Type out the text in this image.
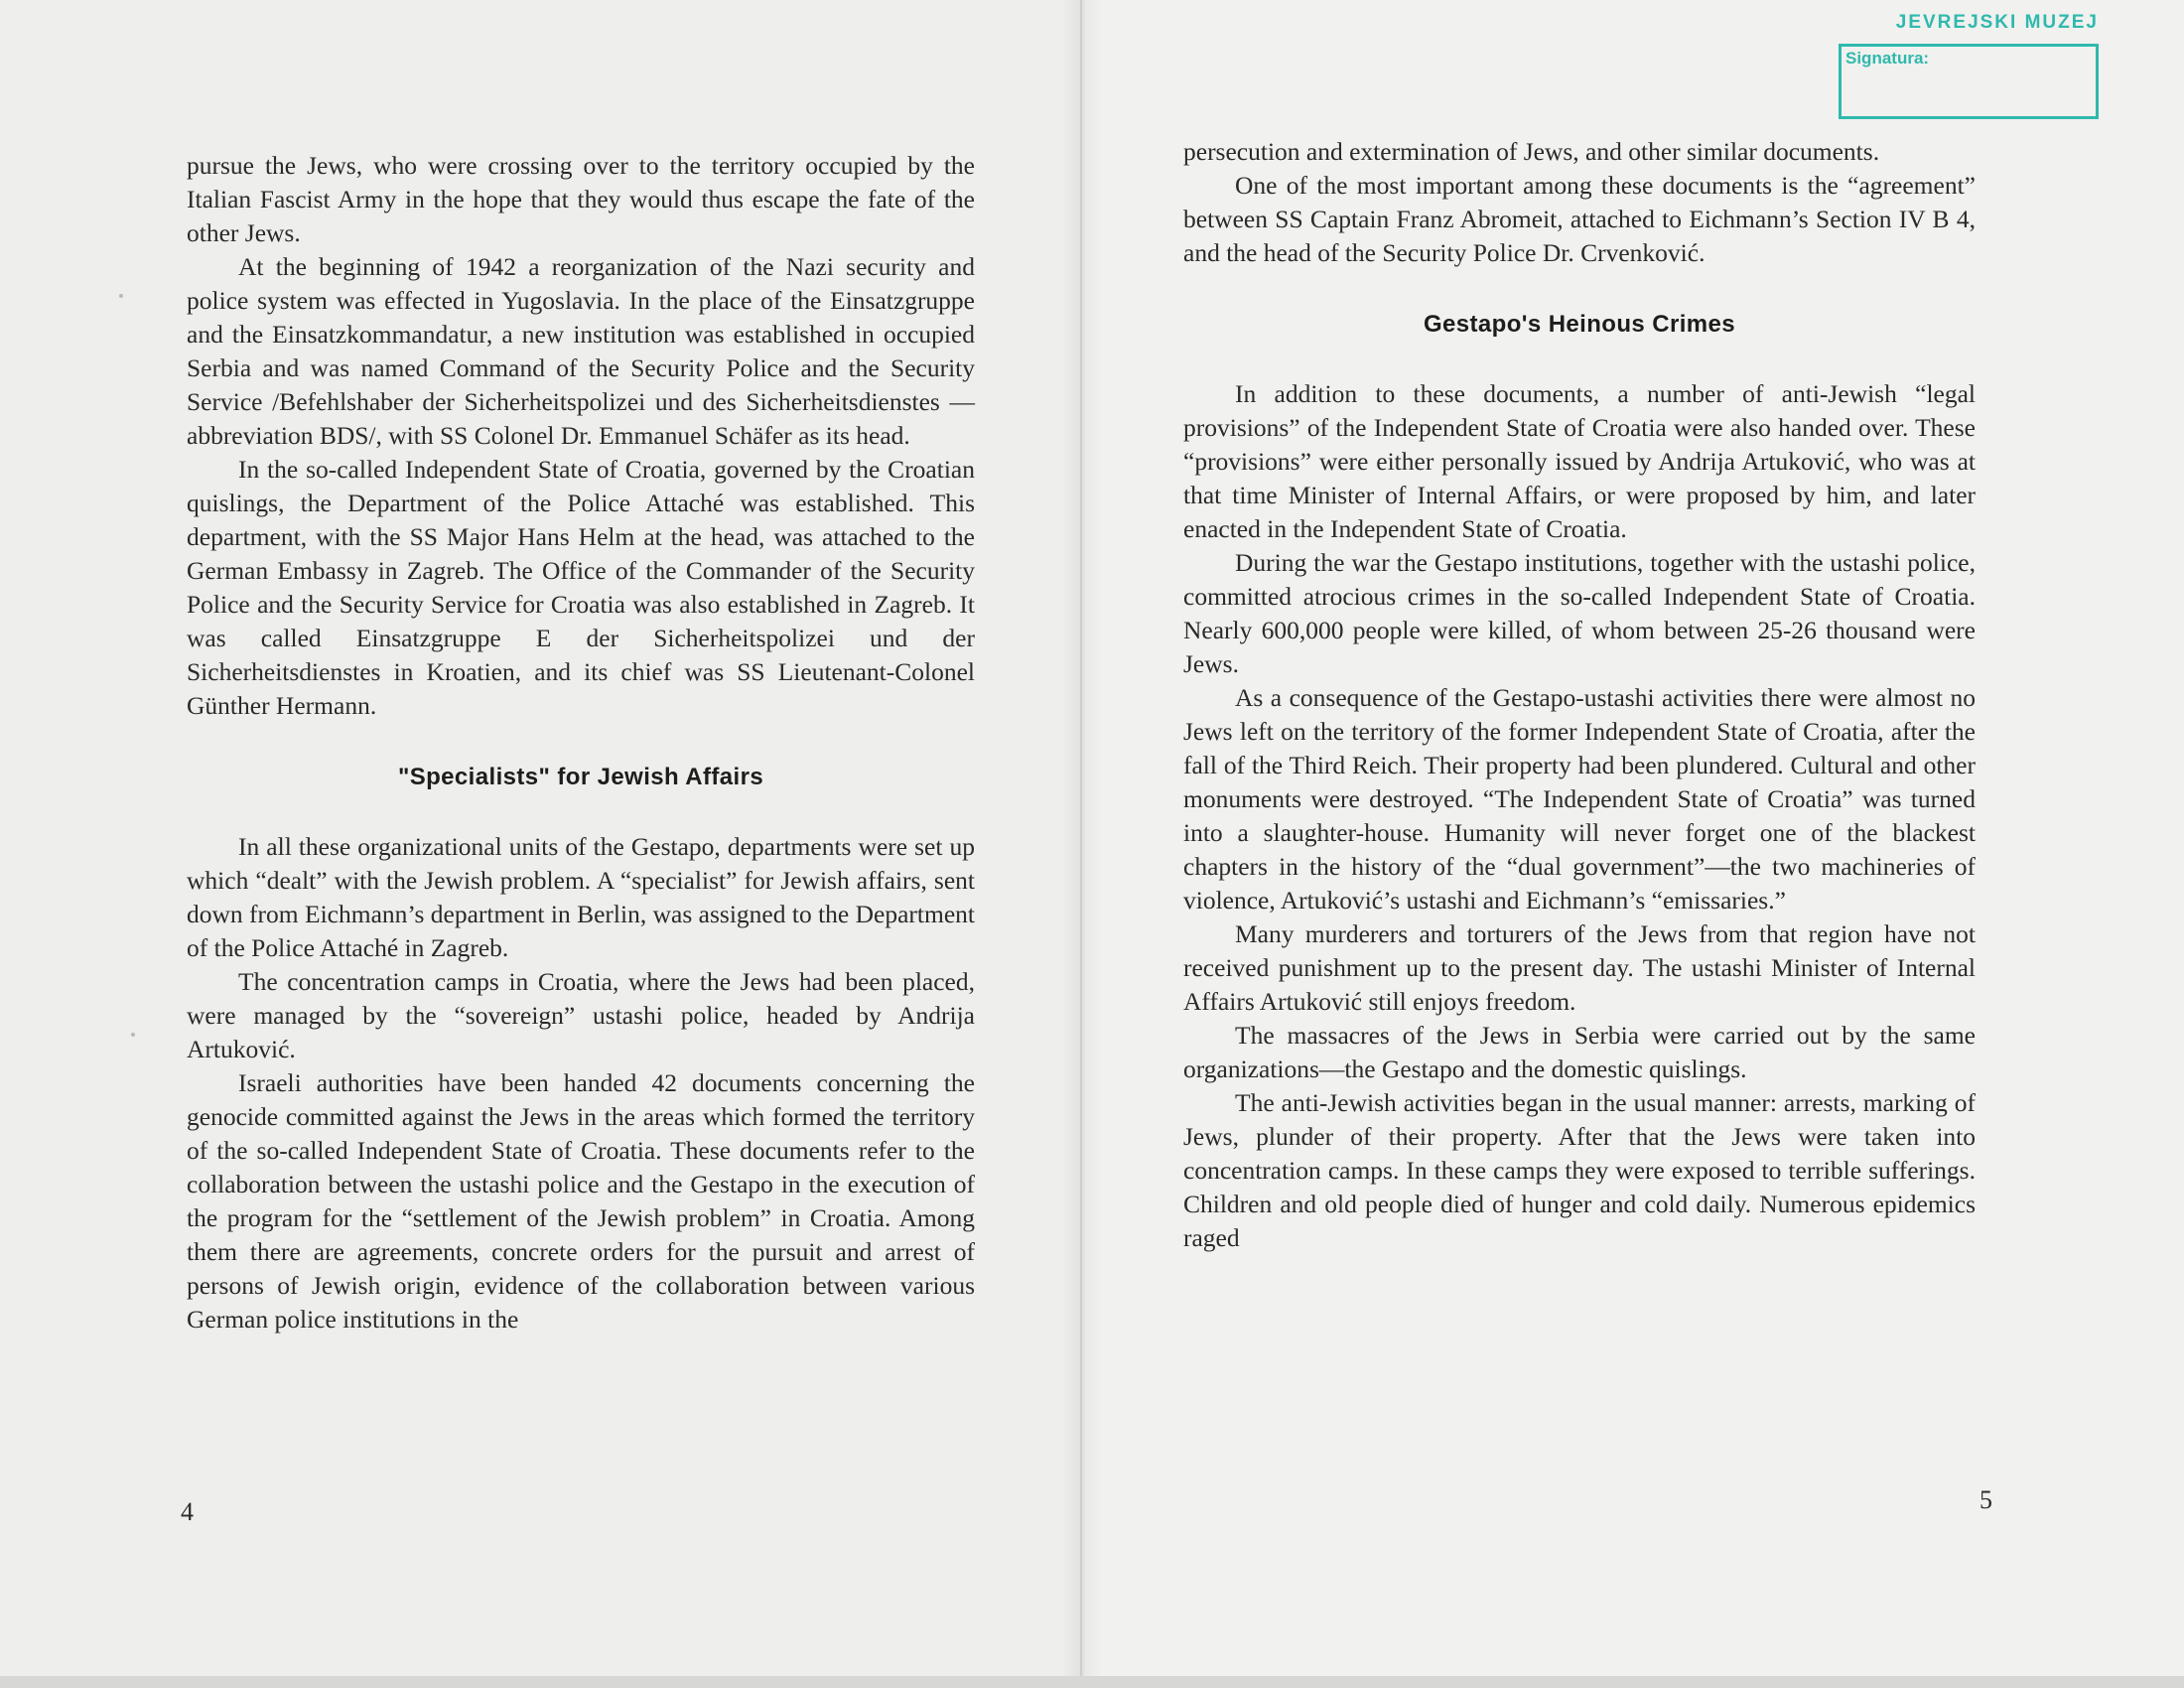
pursue the Jews, who were crossing over to the territory occupied by the Italian Fascist Army in the hope that they would thus escape the fate of the other Jews.

At the beginning of 1942 a reorganization of the Nazi security and police system was effected in Yugoslavia. In the place of the Einsatzgruppe and the Einsatzkommandatur, a new institution was established in occupied Serbia and was named Command of the Security Police and the Security Service /Befehlshaber der Sicherheitspolizei und des Sicherheitsdienstes — abbreviation BDS/, with SS Colonel Dr. Emmanuel Schäfer as its head.

In the so-called Independent State of Croatia, governed by the Croatian quislings, the Department of the Police Attaché was established. This department, with the SS Major Hans Helm at the head, was attached to the German Embassy in Zagreb. The Office of the Commander of the Security Police and the Security Service for Croatia was also established in Zagreb. It was called Einsatzgruppe E der Sicherheitspolizei und der Sicherheitsdienstes in Kroatien, and its chief was SS Lieutenant-Colonel Günther Hermann.

"Specialists" for Jewish Affairs

In all these organizational units of the Gestapo, departments were set up which “dealt” with the Jewish problem. A “specialist” for Jewish affairs, sent down from Eichmann’s department in Berlin, was assigned to the Department of the Police Attaché in Zagreb.

The concentration camps in Croatia, where the Jews had been placed, were managed by the “sovereign” ustashi police, headed by Andrija Artuković.

Israeli authorities have been handed 42 documents concerning the genocide committed against the Jews in the areas which formed the territory of the so-called Independent State of Croatia. These documents refer to the collaboration between the ustashi police and the Gestapo in the execution of the program for the “settlement of the Jewish problem” in Croatia. Among them there are agreements, concrete orders for the pursuit and arrest of persons of Jewish origin, evidence of the collaboration between various German police institutions in the

4

persecution and extermination of Jews, and other similar documents.

One of the most important among these documents is the “agreement” between SS Captain Franz Abromeit, attached to Eichmann’s Section IV B 4, and the head of the Security Police Dr. Crvenković.

Gestapo's Heinous Crimes

In addition to these documents, a number of anti-Jewish “legal provisions” of the Independent State of Croatia were also handed over. These “provisions” were either personally issued by Andrija Artuković, who was at that time Minister of Internal Affairs, or were proposed by him, and later enacted in the Independent State of Croatia.

During the war the Gestapo institutions, together with the ustashi police, committed atrocious crimes in the so-called Independent State of Croatia. Nearly 600,000 people were killed, of whom between 25-26 thousand were Jews.

As a consequence of the Gestapo-ustashi activities there were almost no Jews left on the territory of the former Independent State of Croatia, after the fall of the Third Reich. Their property had been plundered. Cultural and other monuments were destroyed. “The Independent State of Croatia” was turned into a slaughter-house. Humanity will never forget one of the blackest chapters in the history of the “dual government”—the two machineries of violence, Artuković’s ustashi and Eichmann’s “emissaries.”

Many murderers and torturers of the Jews from that region have not received punishment up to the present day. The ustashi Minister of Internal Affairs Artuković still enjoys freedom.

The massacres of the Jews in Serbia were carried out by the same organizations—the Gestapo and the domestic quislings.

The anti-Jewish activities began in the usual manner: arrests, marking of Jews, plunder of their property. After that the Jews were taken into concentration camps. In these camps they were exposed to terrible sufferings. Children and old people died of hunger and cold daily. Numerous epidemics raged

5
JEVREJSKI MUZEJ
Signatura:
